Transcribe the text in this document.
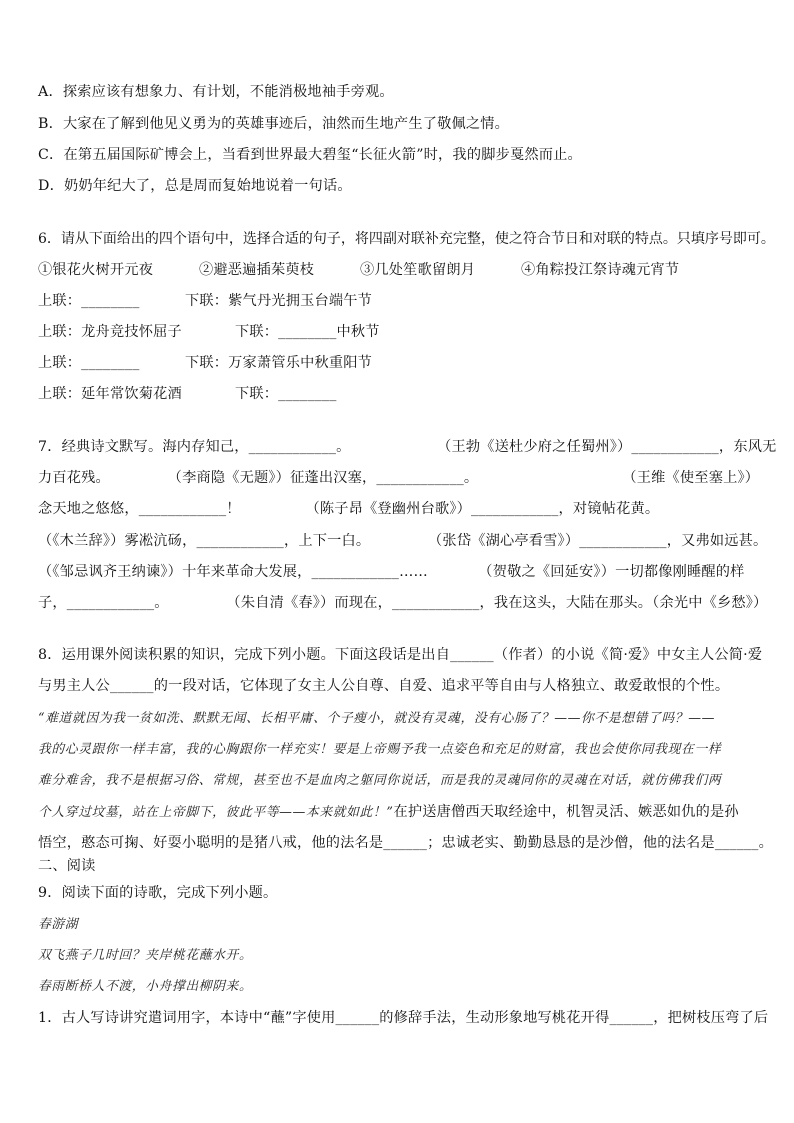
A．探索应该有想象力、有计划，不能消极地袖手旁观。
B．大家在了解到他见义勇为的英雄事迹后，油然而生地产生了敬佩之情。
C．在第五届国际矿博会上，当看到世界最大碧玺“长征火箭”时，我的脚步戛然而止。
D．奶奶年纪大了，总是周而复始地说着一句话。
6．请从下面给出的四个语句中，选择合适的句子，将四副对联补充完整，使之符合节日和对联的特点。只填序号即可。
①银花火树开元夜	②避恶遍插茱萸枝	③几处笙歌留朗月	④角粽投江祭诗魂元宵节
上联：________	下联：紫气丹光拥玉台端午节
上联：龙舟竞技怀屈子	下联：________中秋节
上联：________	下联：万家萧管乐中秋重阳节
上联：延年常饮菊花酒	下联：________
7．经典诗文默写。海内存知己，____________。　　　　　　　（王勃《送杜少府之任蜀州》）____________，东风无
力百花残。　　　　　（李商隐《无题》）征蓬出汉塞，____________。　　　　　　　　　　　（王维《使至塞上》）
念天地之悠悠，____________！　　　　　（陈子昂《登幽州台歌》）____________，对镜帖花黄。
（《木兰辞》）雾凇沆砀，____________，上下一白。　　　　　（张岱《湖心亭看雪》）____________，又弗如远甚。
（《邹忌讽齐王纳谏》）十年来革命大发展，____________……　　　　（贺敬之《回延安》）一切都像刚睡醒的样
子，____________。　　　　　（朱自清《春》）而现在，____________，我在这头，大陆在那头。（余光中《乡愁》）
8．运用课外阅读积累的知识，完成下列小题。下面这段话是出自______（作者）的小说《简·爱》中女主人公简·爱
与男主人公______的一段对话，它体现了女主人公自尊、自爱、追求平等自由与人格独立、敢爱敢恨的个性。
“难道就因为我一贫如洗、默默无闻、长相平庸、个子瘦小，就没有灵魂，没有心肠了？——你不是想错了吗？——
我的心灵跟你一样丰富，我的心胸跟你一样充实！要是上帝赐予我一点姿色和充足的财富，我也会使你同我现在一样
难分难舍，我不是根据习俗、常规，甚至也不是血肉之躯同你说话，而是我的灵魂同你的灵魂在对话，就仿佛我们两
个人穿过坟墓，站在上帝脚下，彼此平等——本来就如此！”在护送唐僧西天取经途中，机智灵活、嫉恶如仇的是孙
悟空，憨态可掬、好耍小聪明的是猪八戒，他的法名是______；忠诚老实、勤勤恳恳的是沙僧，他的法名是______。
二、阅读
9．阅读下面的诗歌，完成下列小题。
春游湖
双飞燕子几时回？夹岸桃花蘸水开。
春雨断桥人不渡，小舟撑出柳阴来。
1．古人写诗讲究遣词用字，本诗中“蘸”字使用______的修辞手法，生动形象地写桃花开得______，把树枝压弯了后
